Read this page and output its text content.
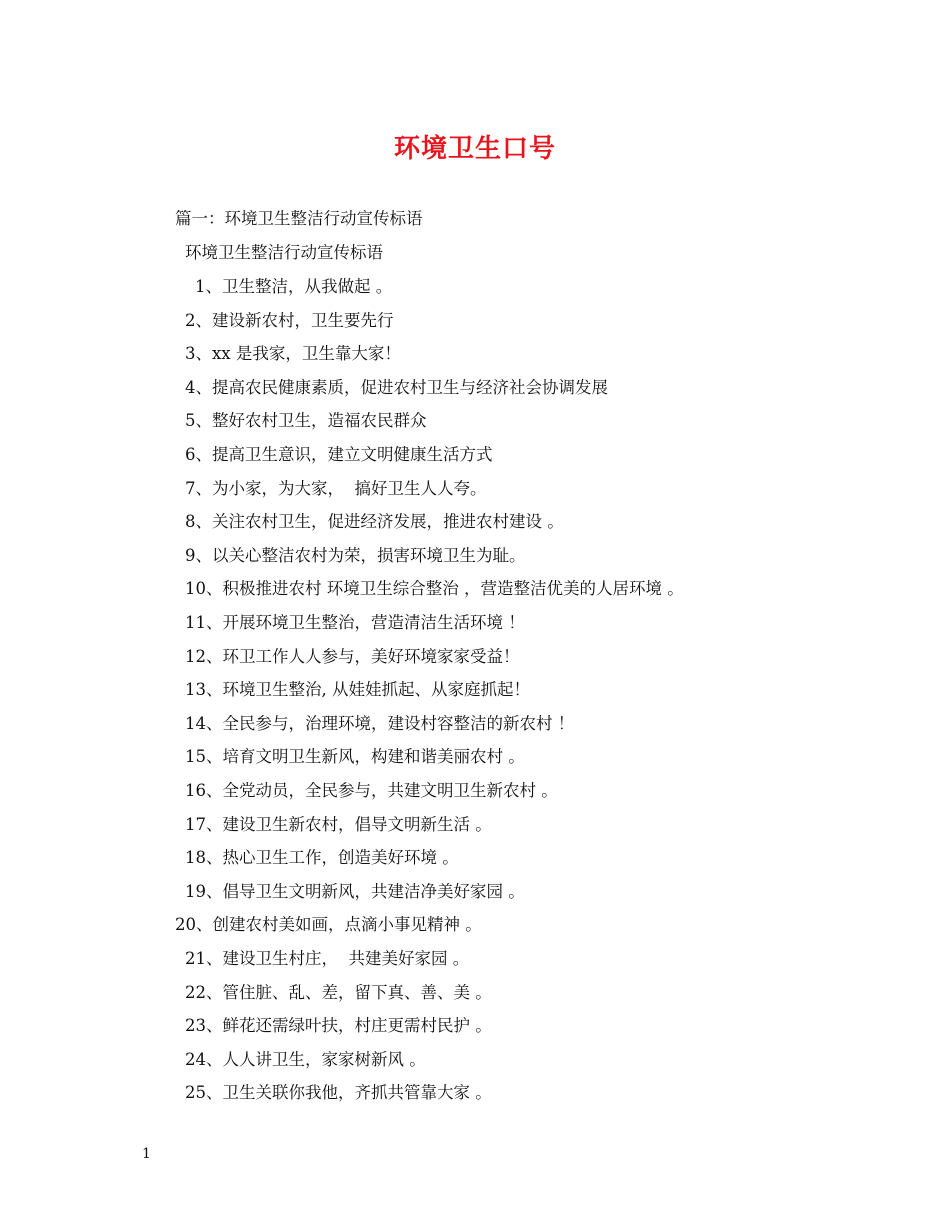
环境卫生口号
篇一：环境卫生整洁行动宣传标语
环境卫生整洁行动宣传标语
1、卫生整洁，从我做起 。
2、建设新农村，卫生要先行
3、xx 是我家，卫生靠大家！
4、提高农民健康素质，促进农村卫生与经济社会协调发展
5、整好农村卫生，造福农民群众
6、提高卫生意识，建立文明健康生活方式
7、为小家，为大家，  搞好卫生人人夸。
8、关注农村卫生，促进经济发展，推进农村建设 。
9、以关心整洁农村为荣，损害环境卫生为耻。
10、积极推进农村 环境卫生综合整治 ，营造整洁优美的人居环境 。
11、开展环境卫生整治，营造清洁生活环境 ！
12、环卫工作人人参与，美好环境家家受益！
13、环境卫生整治, 从娃娃抓起、从家庭抓起！
14、全民参与，治理环境，建设村容整洁的新农村 ！
15、培育文明卫生新风，构建和谐美丽农村 。
16、全党动员，全民参与，共建文明卫生新农村 。
17、建设卫生新农村，倡导文明新生活 。
18、热心卫生工作，创造美好环境 。
19、倡导卫生文明新风，共建洁净美好家园 。
20、创建农村美如画，点滴小事见精神 。
21、建设卫生村庄，  共建美好家园 。
22、管住脏、乱、差，留下真、善、美 。
23、鲜花还需绿叶扶，村庄更需村民护 。
24、人人讲卫生，家家树新风 。
25、卫生关联你我他，齐抓共管靠大家 。
1
